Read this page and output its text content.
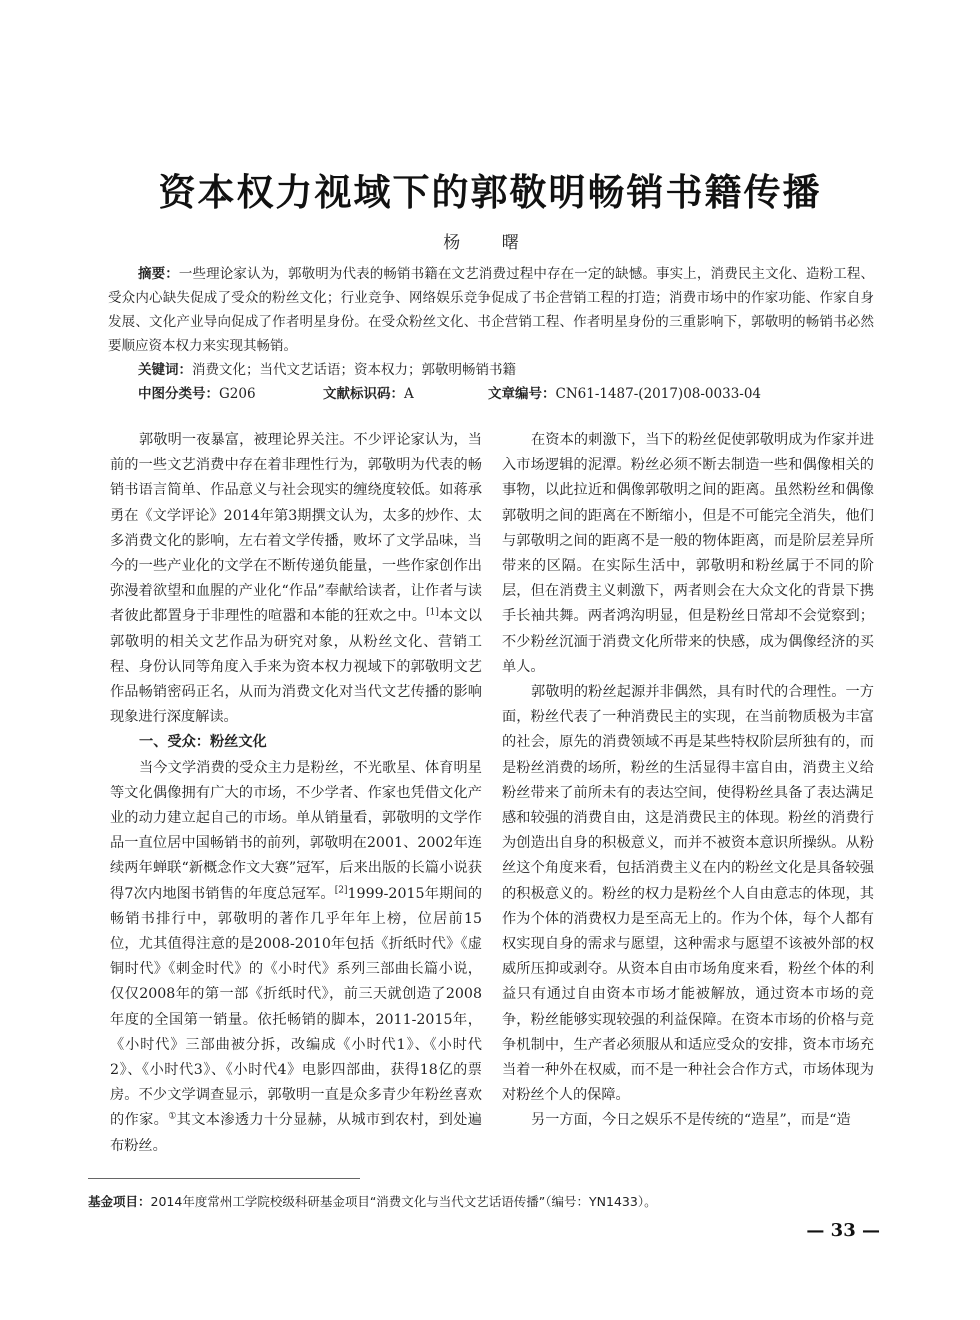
资本权力视域下的郭敬明畅销书籍传播
杨 曙

摘要：一些理论家认为，郭敬明为代表的畅销书籍在文艺消费过程中存在一定的缺憾。事实上，消费民主文化、造粉工程、受众内心缺失促成了受众的粉丝文化；行业竞争、网络娱乐竞争促成了书企营销工程的打造；消费市场中的作家功能、作家自身发展、文化产业导向促成了作者明星身份。在受众粉丝文化、书企营销工程、作者明星身份的三重影响下，郭敬明的畅销书必然要顺应资本权力来实现其畅销。

关键词：消费文化；当代文艺话语；资本权力；郭敬明畅销书籍
中图分类号：G206	文献标识码：A	文章编号：CN61-1487-(2017)08-0033-04

郭敬明一夜暴富，被理论界关注。不少评论家认为，当前的一些文艺消费中存在着非理性行为，郭敬明为代表的畅销书语言简单、作品意义与社会现实的缠绕度较低。如蒋承勇在《文学评论》2014年第3期撰文认为，太多的炒作、太多消费文化的影响，左右着文学传播，败坏了文学品味，当今的一些产业化的文学在不断传递负能量，一些作家创作出弥漫着欲望和血腥的产业化“作品”奉献给读者，让作者与读者彼此都置身于非理性的喧嚣和本能的狂欢之中。[1]本文以郭敬明的相关文艺作品为研究对象，从粉丝文化、营销工程、身份认同等角度入手来为资本权力视域下的郭敬明文艺作品畅销密码正名，从而为消费文化对当代文艺传播的影响现象进行深度解读。

一、受众：粉丝文化

当今文学消费的受众主力是粉丝，不光歌星、体育明星等文化偶像拥有广大的市场，不少学者、作家也凭借文化产业的动力建立起自己的市场。单从销量看，郭敬明的文学作品一直位居中国畅销书的前列，郭敬明在2001、2002年连续两年蝉联“新概念作文大赛”冠军，后来出版的长篇小说获得7次内地图书销售的年度总冠军。[2]1999-2015年期间的畅销书排行中，郭敬明的著作几乎年年上榜，位居前15位，尤其值得注意的是2008-2010年包括《折纸时代》《虚铜时代》《刺金时代》的《小时代》系列三部曲长篇小说，仅仅2008年的第一部《折纸时代》，前三天就创造了2008年度的全国第一销量。依托畅销的脚本，2011-2015年，《小时代》三部曲被分拆，改编成《小时代1》、《小时代2》、《小时代3》、《小时代4》电影四部曲，获得18亿的票房。不少文学调查显示，郭敬明一直是众多青少年粉丝喜欢的作家。①其文本渗透力十分显赫，从城市到农村，到处遍布粉丝。

在资本的刺激下，当下的粉丝促使郭敬明成为作家并进入市场逻辑的泥潭。粉丝必须不断去制造一些和偶像相关的事物，以此拉近和偶像郭敬明之间的距离。虽然粉丝和偶像郭敬明之间的距离在不断缩小，但是不可能完全消失，他们与郭敬明之间的距离不是一般的物体距离，而是阶层差异所带来的区隔。在实际生活中，郭敬明和粉丝属于不同的阶层，但在消费主义刺激下，两者则会在大众文化的背景下携手长袖共舞。两者鸿沟明显，但是粉丝日常却不会觉察到；不少粉丝沉湎于消费文化所带来的快感，成为偶像经济的买单人。

郭敬明的粉丝起源并非偶然，具有时代的合理性。一方面，粉丝代表了一种消费民主的实现，在当前物质极为丰富的社会，原先的消费领域不再是某些特权阶层所独有的，而是粉丝消费的场所，粉丝的生活显得丰富自由，消费主义给粉丝带来了前所未有的表达空间，使得粉丝具备了表达满足感和较强的消费自由，这是消费民主的体现。粉丝的消费行为创造出自身的积极意义，而并不被资本意识所操纵。从粉丝这个角度来看，包括消费主义在内的粉丝文化是具备较强的积极意义的。粉丝的权力是粉丝个人自由意志的体现，其作为个体的消费权力是至高无上的。作为个体，每个人都有权实现自身的需求与愿望，这种需求与愿望不该被外部的权威所压抑或剥夺。从资本自由市场角度来看，粉丝个体的利益只有通过自由资本市场才能被解放，通过资本市场的竞争，粉丝能够实现较强的利益保障。在资本市场的价格与竞争机制中，生产者必须服从和适应受众的安排，资本市场充当着一种外在权威，而不是一种社会合作方式，市场体现为对粉丝个人的保障。

另一方面，今日之娱乐不是传统的“造星”，而是“造

基金项目：2014年度常州工学院校级科研基金项目“消费文化与当代文艺话语传播”（编号：YN1433）。
— 33 —
